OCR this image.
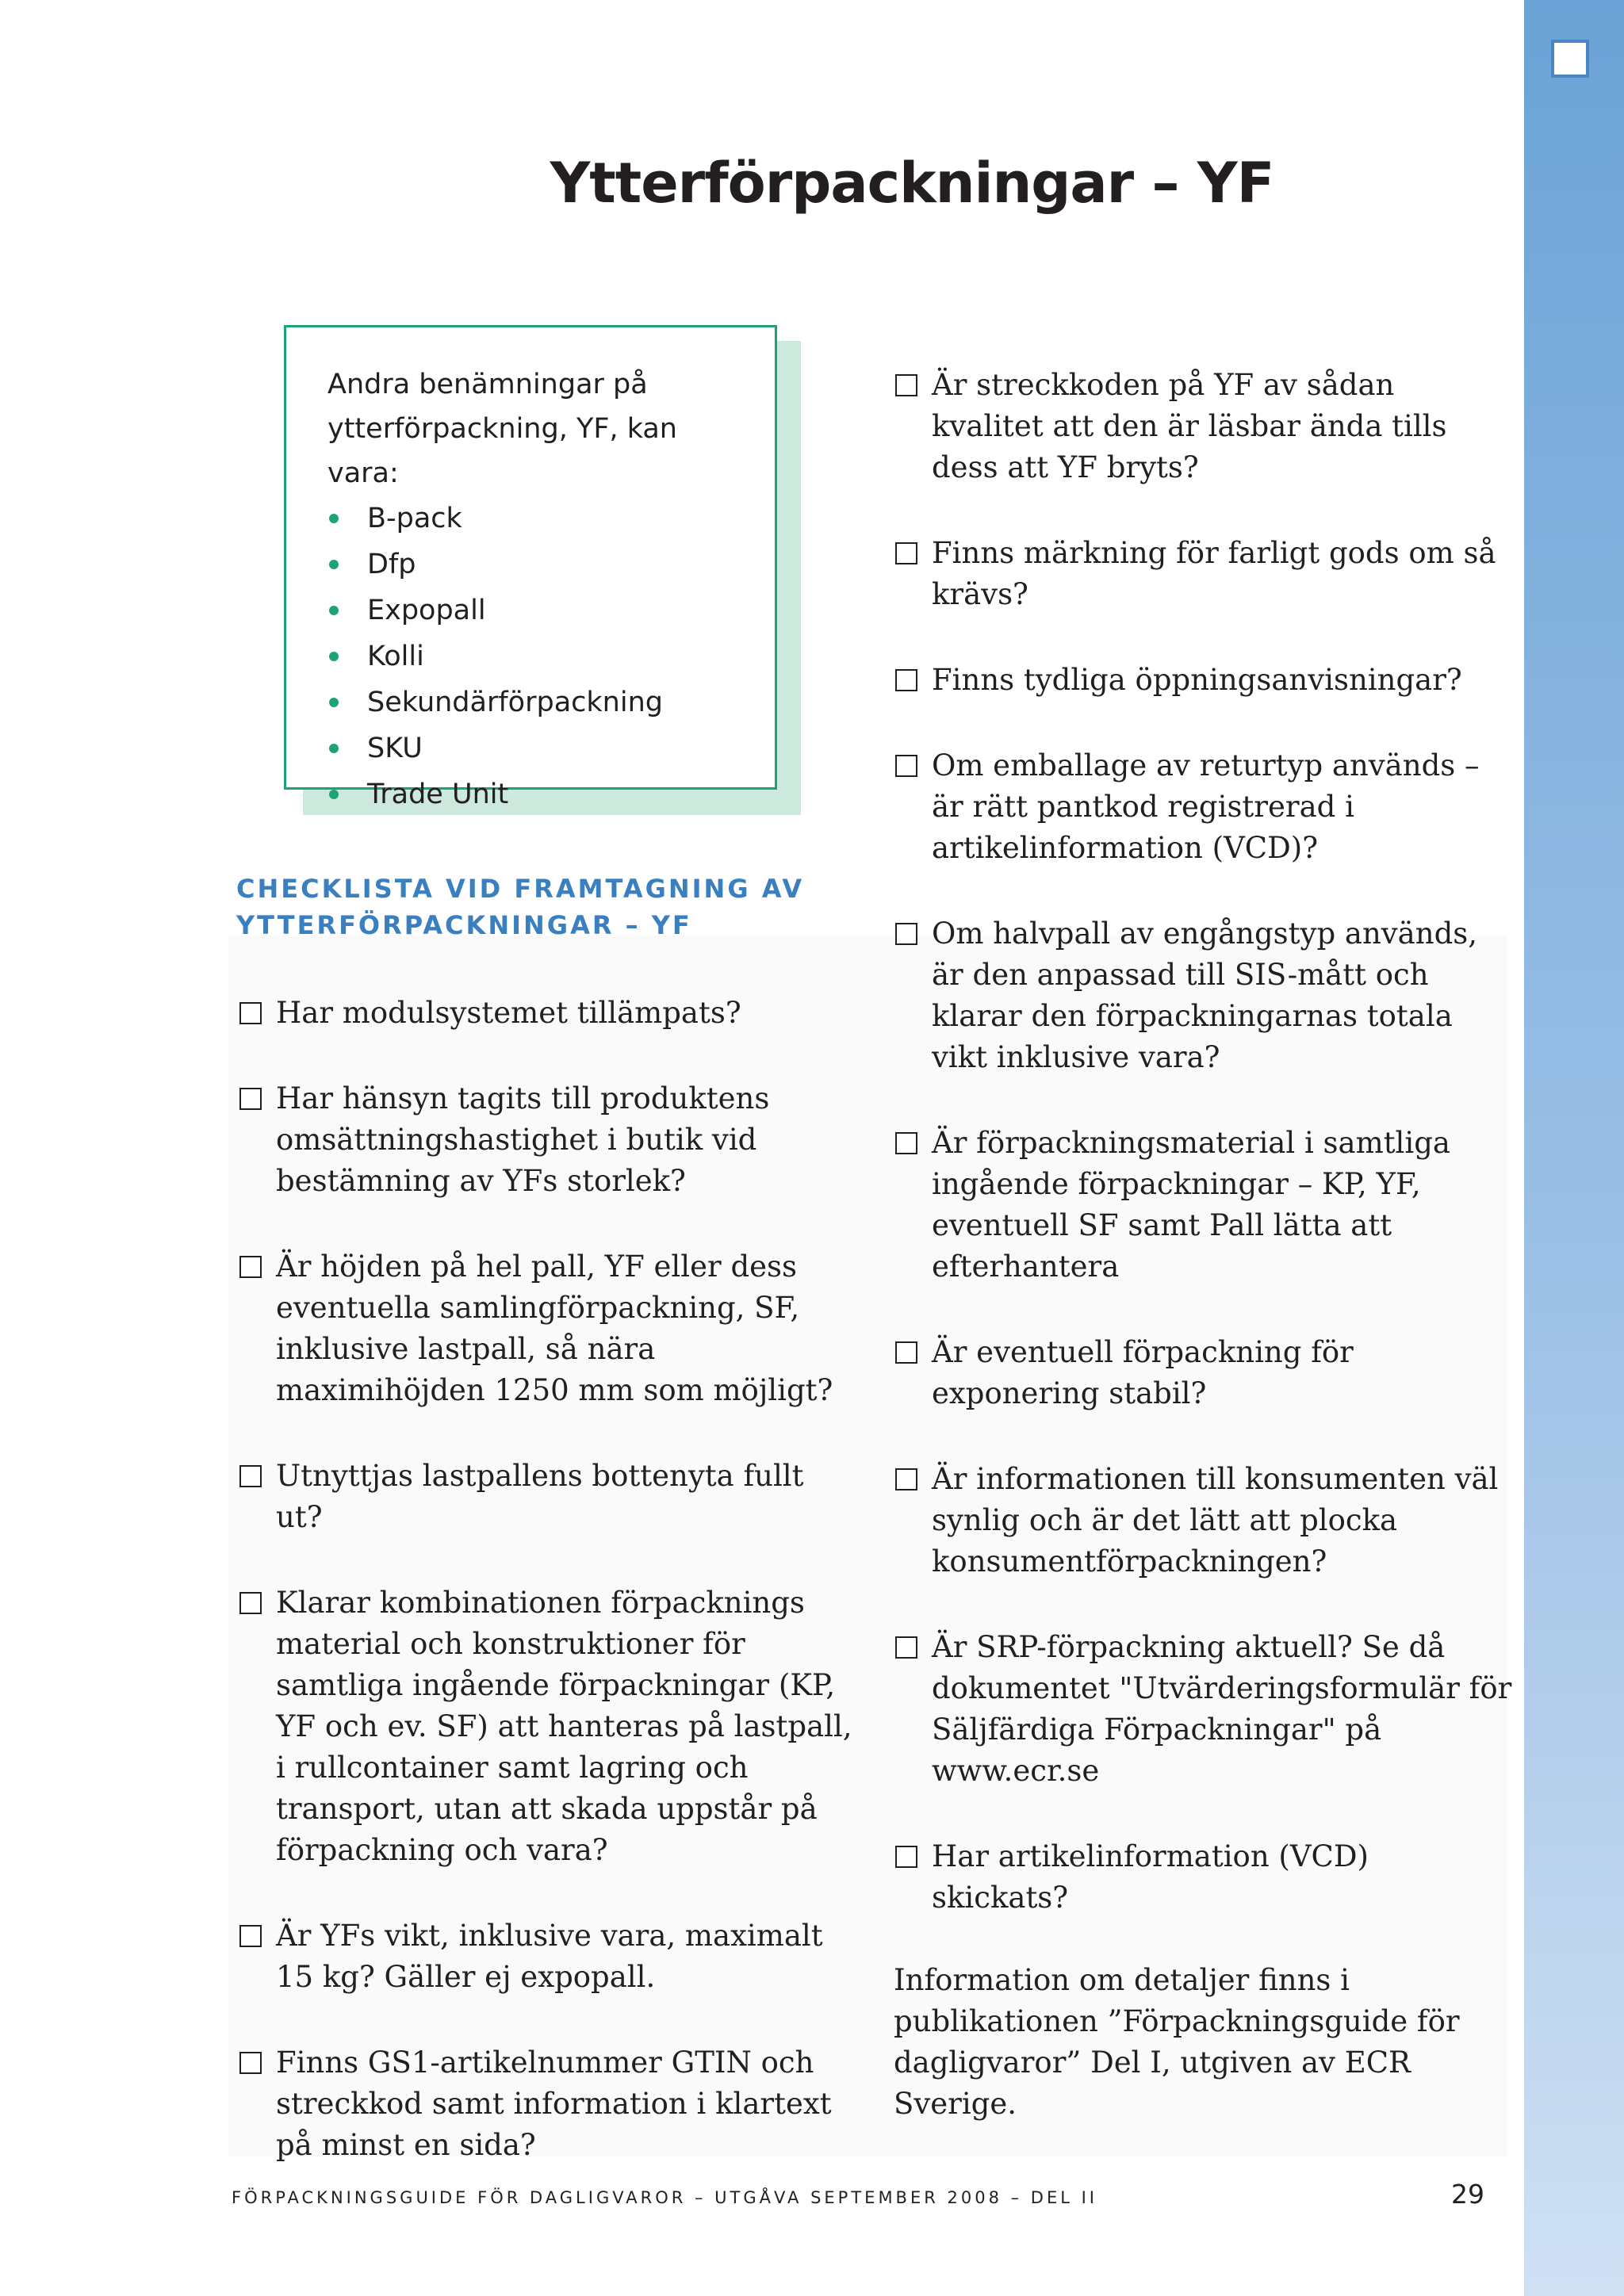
Ytterförpackningar – YF
Andra benämningar på ytterförpackning, YF, kan vara:
B-pack
Dfp
Expopall
Kolli
Sekundärförpackning
SKU
Trade Unit
CHECKLISTA VID FRAMTAGNING AV YTTERFÖRPACKNINGAR – YF
Har modulsystemet tillämpats?
Har hänsyn tagits till produktens omsättningshastighet i butik vid bestämning av YFs storlek?
Är höjden på hel pall, YF eller dess eventuella samlingförpackning, SF, inklusive lastpall, så nära maximihöjden 1250 mm som möjligt?
Utnyttjas lastpallens bottenyta fullt ut?
Klarar kombinationen förpacknings material och konstruktioner för samtliga ingående förpackningar (KP, YF och ev. SF) att hanteras på lastpall, i rullcontainer samt lagring och transport, utan att skada uppstår på förpackning och vara?
Är YFs vikt, inklusive vara, maximalt 15 kg? Gäller ej expopall.
Finns GS1-artikelnummer GTIN och streckkod samt information i klartext på minst en sida?
Är streckkoden på YF av sådan kvalitet att den är läsbar ända tills dess att YF bryts?
Finns märkning för farligt gods om så krävs?
Finns tydliga öppningsanvisningar?
Om emballage av returtyp används – är rätt pantkod registrerad i artikelinformation (VCD)?
Om halvpall av engångstyp används, är den anpassad till SIS-mått och klarar den förpackningarnas totala vikt inklusive vara?
Är förpackningsmaterial i samtliga ingående förpackningar – KP, YF, eventuell SF samt Pall lätta att efterhantera
Är eventuell förpackning för exponering stabil?
Är informationen till konsumenten väl synlig och är det lätt att plocka konsumentförpackningen?
Är SRP-förpackning aktuell? Se då dokumentet "Utvärderingsformulär för Säljfärdiga Förpackningar" på www.ecr.se
Har artikelinformation (VCD) skickats?
Information om detaljer finns i publikationen ”Förpackningsguide för dagligvaror” Del I, utgiven av ECR Sverige.
FÖRPACKNINGSGUIDE FÖR DAGLIGVAROR – UTGÅVA SEPTEMBER 2008 – DEL II	29
